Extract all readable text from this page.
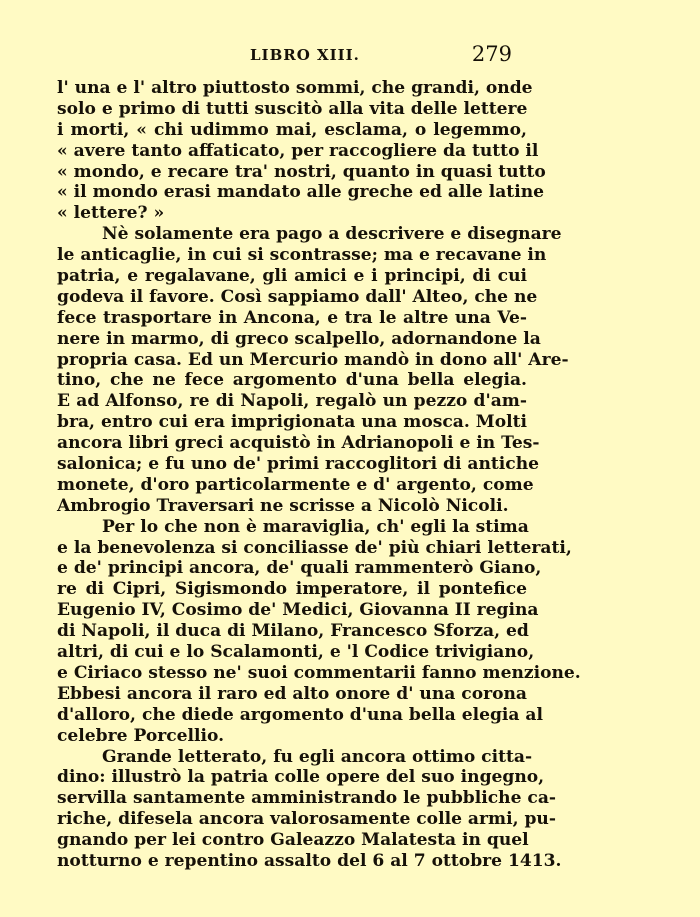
LIBRO XIII.	279
l' una e l' altro piuttosto sommi, che grandi, onde
solo e primo di tutti suscitò alla vita delle lettere
i morti, « chi udimmo mai, esclama, o legemmo,
« avere tanto affaticato, per raccogliere da tutto il
« mondo, e recare tra' nostri, quanto in quasi tutto
« il mondo erasi mandato alle greche ed alle latine
« lettere? »
Nè solamente era pago a descrivere e disegnare
le anticaglie, in cui si scontrasse; ma e recavane in
patria, e regalavane, gli amici e i principi, di cui
godeva il favore. Così sappiamo dall' Alteo, che ne
fece trasportare in Ancona, e tra le altre una Ve-
nere in marmo, di greco scalpello, adornandone la
propria casa. Ed un Mercurio mandò in dono all' Are-
tino, che ne fece argomento d'una bella elegia.
E ad Alfonso, re di Napoli, regalò un pezzo d'am-
bra, entro cui era imprigionata una mosca. Molti
ancora libri greci acquistò in Adrianopoli e in Tes-
salonica; e fu uno de' primi raccoglitori di antiche
monete, d'oro particolarmente e d' argento, come
Ambrogio Traversari ne scrisse a Nicolò Nicoli.
Per lo che non è maraviglia, ch' egli la stima
e la benevolenza si conciliasse de' più chiari letterati,
e de' principi ancora, de' quali rammenterò Giano,
re di Cipri, Sigismondo imperatore, il pontefice
Eugenio IV, Cosimo de' Medici, Giovanna II regina
di Napoli, il duca di Milano, Francesco Sforza, ed
altri, di cui e lo Scalamonti, e 'l Codice trivigiano,
e Ciriaco stesso ne' suoi commentarii fanno menzione.
Ebbesi ancora il raro ed alto onore d' una corona
d'alloro, che diede argomento d'una bella elegia al
celebre Porcellio.
Grande letterato, fu egli ancora ottimo citta-
dino: illustrò la patria colle opere del suo ingegno,
servilla santamente amministrando le pubbliche ca-
riche, difesela ancora valorosamente colle armi, pu-
gnando per lei contro Galeazzo Malatesta in quel
notturno e repentino assalto del 6 al 7 ottobre 1413.
